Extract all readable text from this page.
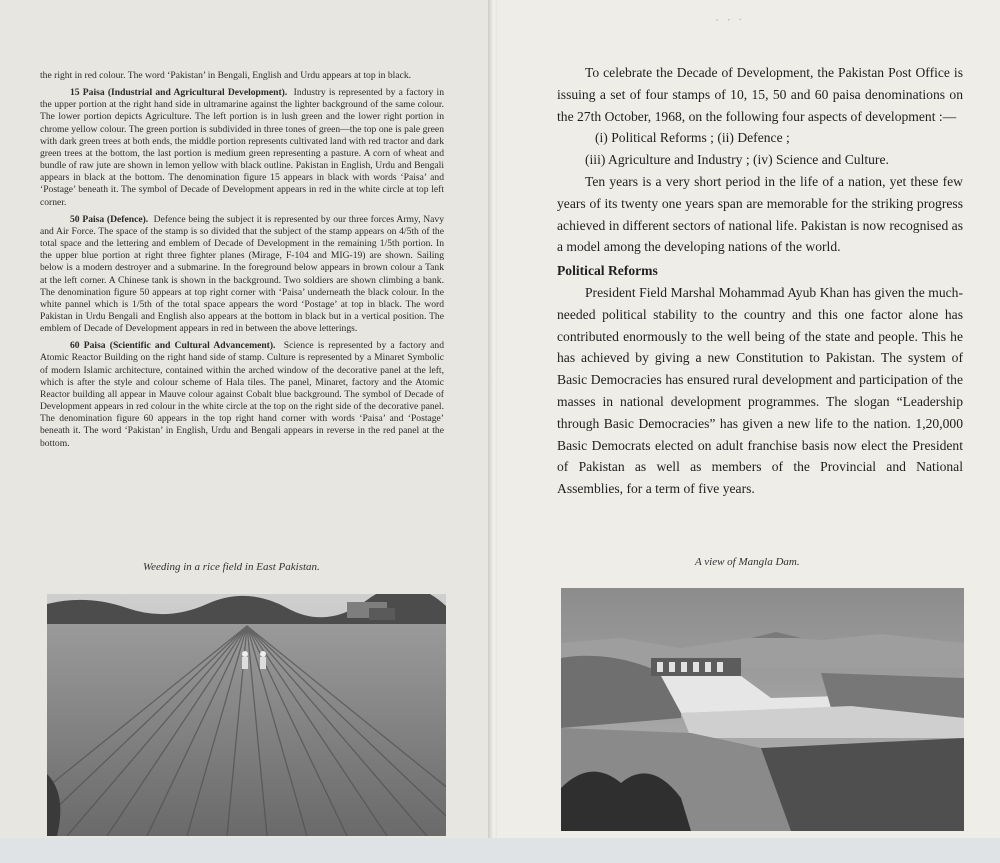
the right in red colour. The word ‘Pakistan’ in Bengali, English and Urdu appears at top in black.

15 Paisa (Industrial and Agricultural Development). Industry is represented by a factory in the upper portion at the right hand side in ultramarine against the lighter background of the same colour. The lower portion depicts Agriculture. The left portion is in lush green and the lower right portion in chrome yellow colour. The green portion is subdivided in three tones of green—the top one is pale green with dark green trees at both ends, the middle portion represents cultivated land with red tractor and dark green trees at the bottom, the last portion is medium green representing a pasture. A corn of wheat and bundle of raw jute are shown in lemon yellow with black outline. Pakistan in English, Urdu and Bengali appears in black at the bottom. The denomination figure 15 appears in black with words ‘Paisa’ and ‘Postage’ beneath it. The symbol of Decade of Development appears in red in the white circle at top left corner.

50 Paisa (Defence). Defence being the subject it is represented by our three forces Army, Navy and Air Force. The space of the stamp is so divided that the subject of the stamp appears on 4/5th of the total space and the lettering and emblem of Decade of Development in the remaining 1/5th portion. In the upper blue portion at right three fighter planes (Mirage, F-104 and MIG-19) are shown. Sailing below is a modern destroyer and a submarine. In the foreground below appears in brown colour a Tank at the left corner. A Chinese tank is shown in the background. Two soldiers are shown climbing a bank. The denomination figure 50 appears at top right corner with ‘Paisa’ underneath the black colour. In the white pannel which is 1/5th of the total space appears the word ‘Postage’ at top in black. The word Pakistan in Urdu Bengali and English also appears at the bottom in black but in a vertical position. The emblem of Decade of Development appears in red in between the above letterings.

60 Paisa (Scientific and Cultural Advancement). Science is represented by a factory and Atomic Reactor Building on the right hand side of stamp. Culture is represented by a Minaret Symbolic of modern Islamic architecture, contained within the arched window of the decorative panel at the left, which is after the style and colour scheme of Hala tiles. The panel, Minaret, factory and the Atomic Reactor building all appear in Mauve colour against Cobalt blue background. The symbol of Decade of Development appears in red colour in the white circle at the top on the right side of the decorative panel. The denomination figure 60 appears in the top right hand corner with words ‘Paisa’ and ‘Postage’ beneath it. The word ‘Pakistan’ in English, Urdu and Bengali appears in reverse in the red panel at the bottom.

Weeding in a rice field in East Pakistan.
· · ·

To celebrate the Decade of Development, the Pakistan Post Office is issuing a set of four stamps of 10, 15, 50 and 60 paisa denominations on the 27th October, 1968, on the following four aspects of development :—

(i) Political Reforms ; (ii) Defence ;

(iii) Agriculture and Industry ; (iv) Science and Culture.

Ten years is a very short period in the life of a nation, yet these few years of its twenty one years span are memorable for the striking progress achieved in different sectors of national life. Pakistan is now recognised as a model among the developing nations of the world.

Political Reforms

President Field Marshal Mohammad Ayub Khan has given the much-needed political stability to the country and this one factor alone has contributed enormously to the well being of the state and people. This he has achieved by giving a new Constitution to Pakistan. The system of Basic Democracies has ensured rural development and participation of the masses in national development programmes. The slogan “Leadership through Basic Democracies” has given a new life to the nation. 1,20,000 Basic Democrats elected on adult franchise basis now elect the President of Pakistan as well as members of the Provincial and National Assemblies, for a term of five years.

A view of Mangla Dam.
